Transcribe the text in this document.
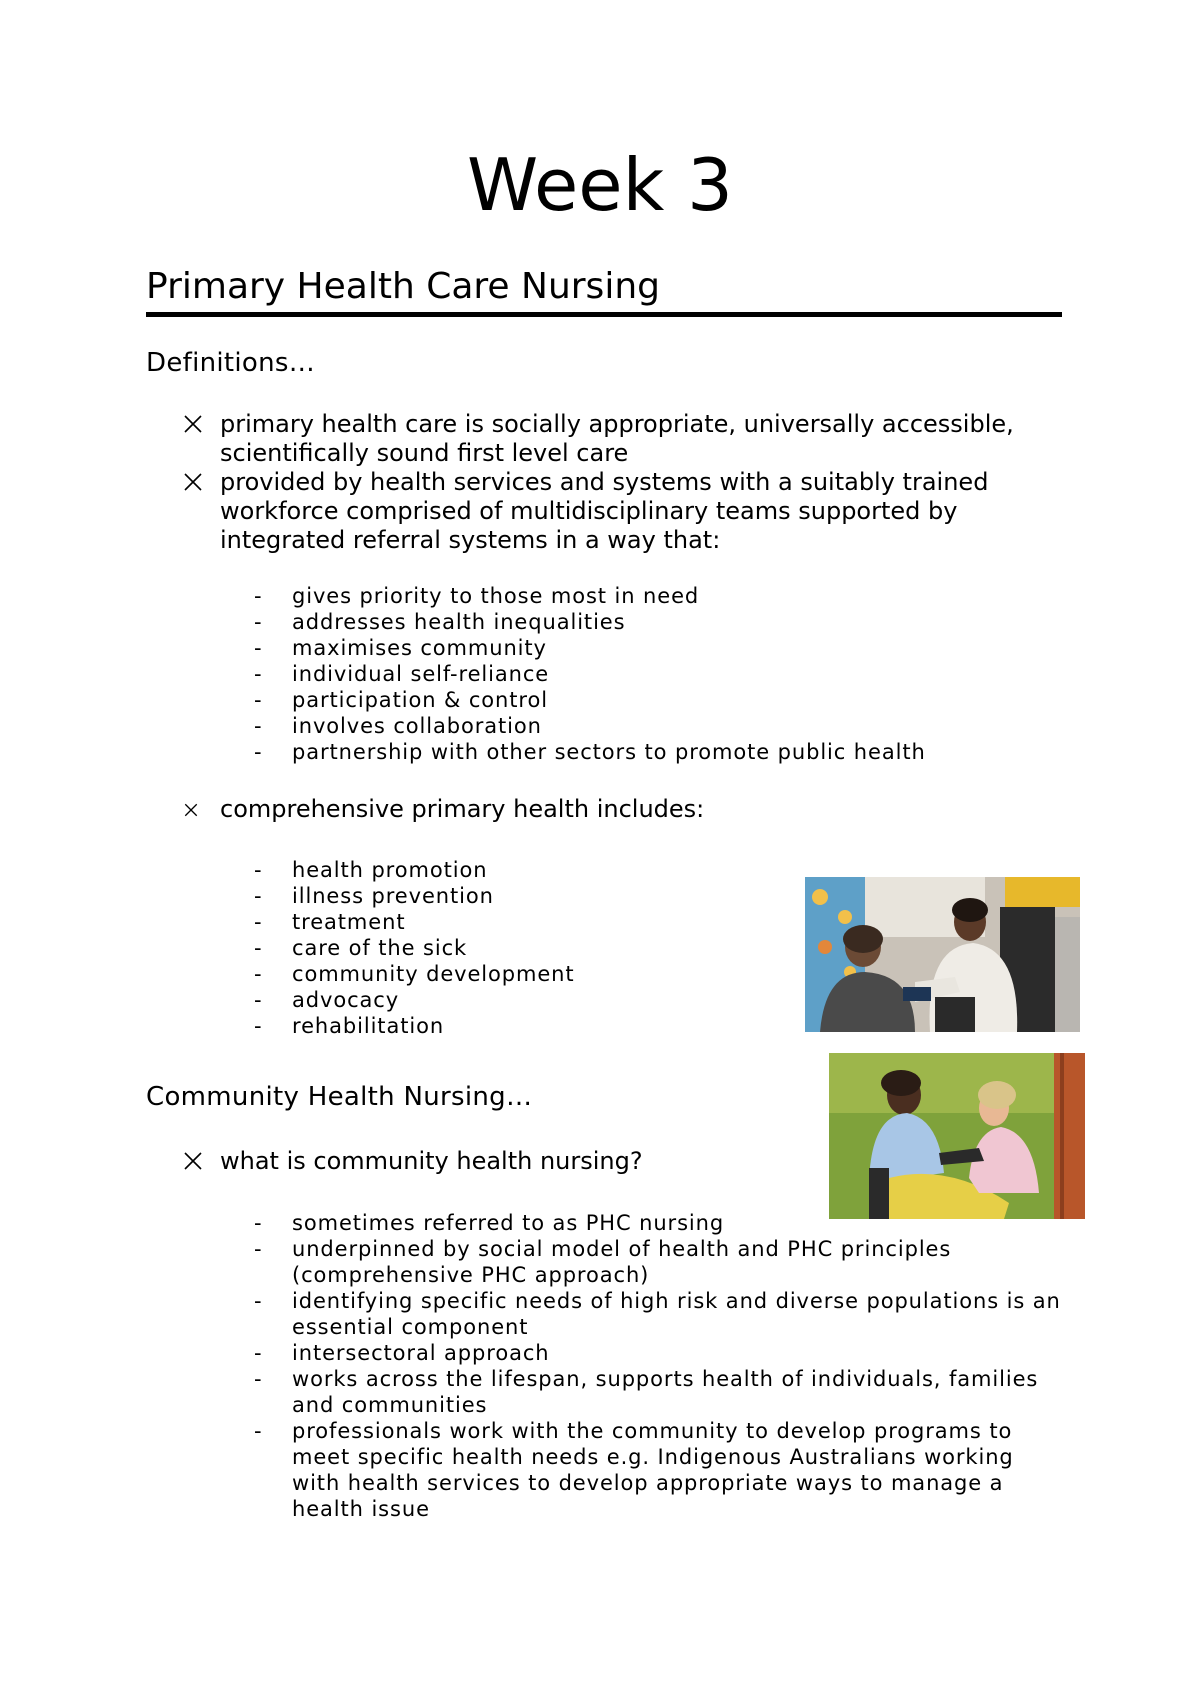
Week 3
Primary Health Care Nursing
Definitions…
primary health care is socially appropriate, universally accessible, scientifically sound first level care
provided by health services and systems with a suitably trained workforce comprised of multidisciplinary teams supported by integrated referral systems in a way that:
- gives priority to those most in need
- addresses health inequalities
- maximises community
- individual self-reliance
- participation & control
- involves collaboration
- partnership with other sectors to promote public health
comprehensive primary health includes:
- health promotion
- illness prevention
- treatment
- care of the sick
- community development
- advocacy
- rehabilitation
Community Health Nursing…
what is community health nursing?
- sometimes referred to as PHC nursing
- underpinned by social model of health and PHC principles (comprehensive PHC approach)
- identifying specific needs of high risk and diverse populations is an essential component
- intersectoral approach
- works across the lifespan, supports health of individuals, families and communities
- professionals work with the community to develop programs to meet specific health needs e.g. Indigenous Australians working with health services to develop appropriate ways to manage a health issue
